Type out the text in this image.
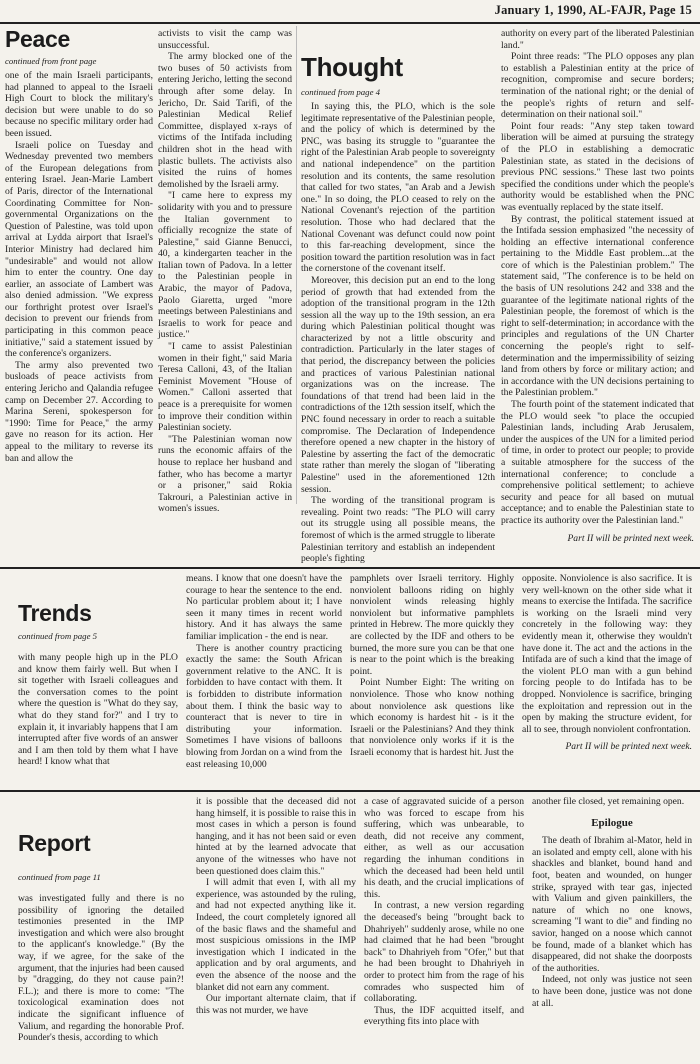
January 1, 1990, AL-FAJR, Page 15
Peace
continued from front page

one of the main Israeli participants, had planned to appeal to the Israeli High Court to block the military's decision but were unable to do so because no specific military order had been issued.

Israeli police on Tuesday and Wednesday prevented two members of the European delegations from entering Israel. Jean-Marie Lambert of Paris, director of the International Coordinating Committee for Non-governmental Organizations on the Question of Palestine, was told upon arrival at Lydda airport that Israel's Interior Ministry had declared him "undesirable" and would not allow him to enter the country. One day earlier, an associate of Lambert was also denied admission. "We express our forthright protest over Israel's decision to prevent our friends from participating in this common peace initiative," said a statement issued by the conference's organizers.

The army also prevented two busloads of peace activists from entering Jericho and Qalandia refugee camp on December 27. According to Marina Sereni, spokesperson for "1990: Time for Peace," the army gave no reason for its action. Her appeal to the military to reverse its ban and allow the

activists to visit the camp was unsuccessful.

The army blocked one of the two buses of 50 activists from entering Jericho, letting the second through after some delay. In Jericho, Dr. Said Tarifi, of the Palestinian Medical Relief Committee, displayed x-rays of victims of the Intifada including children shot in the head with plastic bullets. The activists also visited the ruins of homes demolished by the Israeli army.

"I came here to express my solidarity with you and to pressure the Italian government to officially recognize the state of Palestine," said Gianne Benucci, 40, a kindergarten teacher in the Italian town of Padova. In a letter to the Palestinian people in Arabic, the mayor of Padova, Paolo Giaretta, urged "more meetings between Palestinians and Israelis to work for peace and justice."

"I came to assist Palestinian women in their fight," said Maria Teresa Calloni, 43, of the Italian Feminist Movement "House of Women." Calloni asserted that peace is a prerequisite for women to improve their condition within Palestinian society.

"The Palestinian woman now runs the economic affairs of the house to replace her husband and father, who has become a martyr or a prisoner," said Rokia Takrouri, a Palestinian active in women's issues.

Thought
continued from page 4

In saying this, the PLO, which is the sole legitimate representative of the Palestinian people, and the policy of which is determined by the PNC, was basing its struggle to "guarantee the right of the Palestinian Arab people to sovereignty and national independence" on the partition resolution and its contents, the same resolution that called for two states, "an Arab and a Jewish one." In so doing, the PLO ceased to rely on the National Covenant's rejection of the partition resolution. Those who had declared that the National Covenant was defunct could now point to this far-reaching development, since the position toward the partition resolution was in fact the cornerstone of the covenant itself.

Moreover, this decision put an end to the long period of growth that had extended from the adoption of the transitional program in the 12th session all the way up to the 19th session, an era during which Palestinian political thought was characterized by not a little obscurity and contradiction. Particularly in the later stages of that period, the discrepancy between the policies and practices of various Palestinian national organizations was on the increase. The foundations of that trend had been laid in the contradictions of the 12th session itself, which the PNC found necessary in order to reach a suitable compromise. The Declaration of Independence therefore opened a new chapter in the history of Palestine by asserting the fact of the democratic state rather than merely the slogan of "liberating Palestine" used in the aforementioned 12th session.

The wording of the transitional program is revealing. Point two reads: "The PLO will carry out its struggle using all possible means, the foremost of which is the armed struggle to liberate Palestinian territory and establish an independent people's fighting

authority on every part of the liberated Palestinian land."

Point three reads: "The PLO opposes any plan to establish a Palestinian entity at the price of recognition, compromise and secure borders; termination of the national right; or the denial of the people's rights of return and self-determination on their national soil."

Point four reads: "Any step taken toward liberation will be aimed at pursuing the strategy of the PLO in establishing a democratic Palestinian state, as stated in the decisions of previous PNC sessions." These last two points specified the conditions under which the people's authority would be established when the PNC was eventually replaced by the state itself.

By contrast, the political statement issued at the Intifada session emphasized "the necessity of holding an effective international conference pertaining to the Middle East problem...at the core of which is the Palestinian problem." The statement said, "The conference is to be held on the basis of UN resolutions 242 and 338 and the guarantee of the legitimate national rights of the Palestinian people, the foremost of which is the right to self-determination; in accordance with the principles and regulations of the UN Charter concerning the people's right to self-determination and the impermissibility of seizing land from others by force or military action; and in accordance with the UN decisions pertaining to the Palestinian problem."

The fourth point of the statement indicated that the PLO would seek "to place the occupied Palestinian lands, including Arab Jerusalem, under the auspices of the UN for a limited period of time, in order to protect our people; to provide a suitable atmosphere for the success of the international conference; to conclude a comprehensive political settlement; to achieve security and peace for all based on mutual acceptance; and to enable the Palestinian state to practice its authority over the Palestinian land."

Part II will be printed next week.

Trends
continued from page 5

with many people high up in the PLO and know them fairly well. But when I sit together with Israeli colleagues and the conversation comes to the point where the question is "What do they say, what do they stand for?" and I try to explain it, it invariably happens that I am interrupted after five words of an answer and I am then told by them what I have heard! I know what that

means. I know that one doesn't have the courage to hear the sentence to the end. No particular problem about it; I have seen it many times in recent world history. And it has always the same familiar implication - the end is near.

There is another country practicing exactly the same: the South African government relative to the ANC. It is forbidden to have contact with them. It is forbidden to distribute information about them. I think the basic way to counteract that is never to tire in distributing your information. Sometimes I have visions of balloons blowing from Jordan on a wind from the east releasing 10,000

pamphlets over Israeli territory. Highly nonviolent balloons riding on highly nonviolent winds releasing highly nonviolent but informative pamphlets printed in Hebrew. The more quickly they are collected by the IDF and others to be burned, the more sure you can be that one is near to the point which is the breaking point.

Point Number Eight: The writing on nonviolence. Those who know nothing about nonviolence ask questions like which economy is hardest hit - is it the Israeli or the Palestinians? And they think that nonviolence only works if it is the Israeli economy that is hardest hit. Just the

opposite. Nonviolence is also sacrifice. It is very well-known on the other side what it means to exercise the Intifada. The sacrifice is working on the Israeli mind very concretely in the following way: they evidently mean it, otherwise they wouldn't have done it. The act and the actions in the Intifada are of such a kind that the image of the violent PLO man with a gun behind forcing people to do Intifada has to be dropped. Nonviolence is sacrifice, bringing the exploitation and repression out in the open by making the structure evident, for all to see, through nonviolent confrontation.

Part II will be printed next week.

Report
continued from page 11

was investigated fully and there is no possibility of ignoring the detailed testimonies presented in the IMP investigation and which were also brought to the applicant's knowledge." (By the way, if we agree, for the sake of the argument, that the injuries had been caused by "dragging, do they not cause pain?! F.L.); and there is more to come: "The toxicological examination does not indicate the significant influence of Valium, and regarding the honorable Prof. Pounder's thesis, according to which

it is possible that the deceased did not hang himself, it is possible to raise this in most cases in which a person is found hanging, and it has not been said or even hinted at by the learned advocate that anyone of the witnesses who have not been questioned does claim this."

I will admit that even I, with all my experience, was astounded by the ruling, and had not expected anything like it. Indeed, the court completely ignored all of the basic flaws and the shameful and most suspicious omissions in the IMP investigation which I indicated in the application and by oral arguments, and even the absence of the noose and the blanket did not earn any comment.

Our important alternate claim, that if this was not murder, we have

a case of aggravated suicide of a person who was forced to escape from his suffering, which was unbearable, to death, did not receive any comment, either, as well as our accusation regarding the inhuman conditions in which the deceased had been held until his death, and the crucial implications of this.

In contrast, a new version regarding the deceased's being "brought back to Dhahriyeh" suddenly arose, while no one had claimed that he had been "brought back" to Dhahriyeh from "Ofer," but that he had been brought to Dhahriyeh in order to protect him from the rage of his comrades who suspected him of collaborating.

Thus, the IDF acquitted itself, and everything fits into place with

another file closed, yet remaining open.

Epilogue

The death of Ibrahim al-Mator, held in an isolated and empty cell, alone with his shackles and blanket, bound hand and foot, beaten and wounded, on hunger strike, sprayed with tear gas, injected with Valium and given painkillers, the nature of which no one knows, screaming "I want to die" and finding no savior, hanged on a noose which cannot be found, made of a blanket which has disappeared, did not shake the doorposts of the authorities.

Indeed, not only was justice not seen to have been done, justice was not done at all.
